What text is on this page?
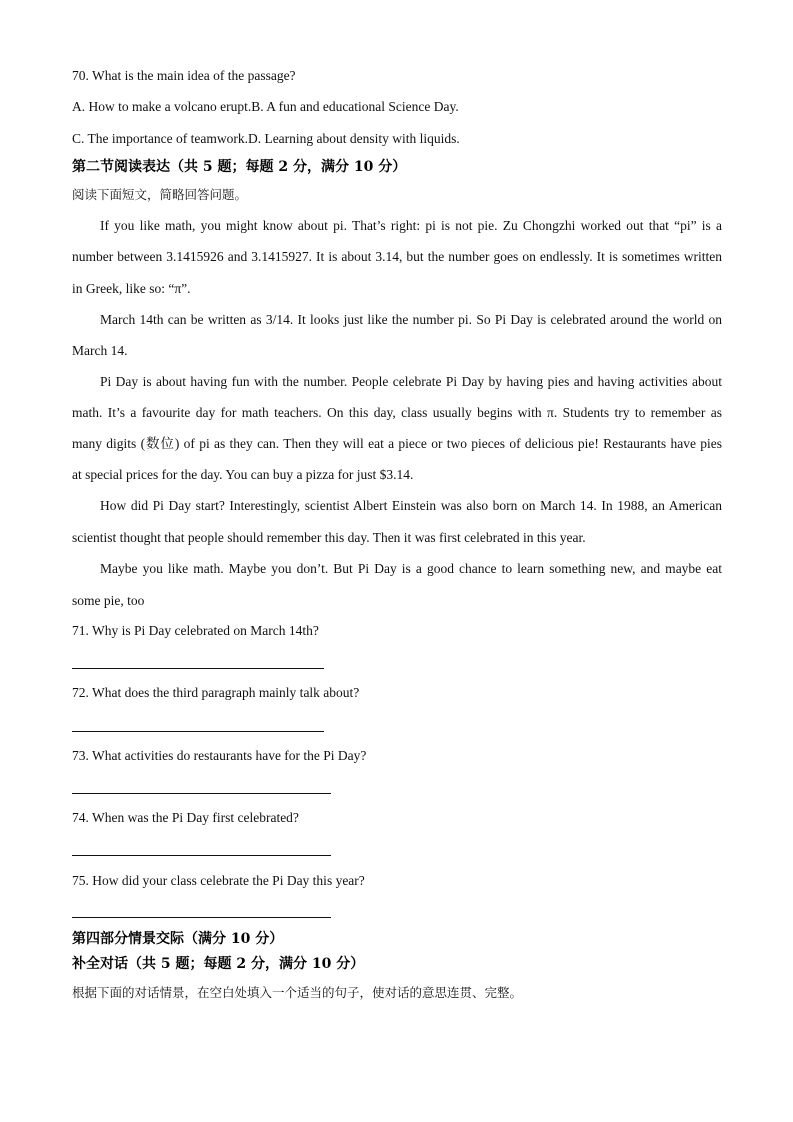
70. What is the main idea of the passage?
A. How to make a volcano erupt.B. A fun and educational Science Day.
C. The importance of teamwork.D. Learning about density with liquids.
第二节阅读表达（共 5 题；每题 2 分，满分 10 分）
阅读下面短文，简略回答问题。
If you like math, you might know about pi. That’s right: pi is not pie. Zu Chongzhi worked out that “pi” is a
number between 3.1415926 and 3.1415927. It is about 3.14, but the number goes on endlessly. It is sometimes written
in Greek, like so: “π”.
March 14th can be written as 3/14. It looks just like the number pi. So Pi Day is celebrated around the world on
March 14.
Pi Day is about having fun with the number. People celebrate Pi Day by having pies and having activities about
math. It’s a favourite day for math teachers. On this day, class usually begins with π. Students try to remember as
many digits (数位) of pi as they can. Then they will eat a piece or two pieces of delicious pie! Restaurants have pies
at special prices for the day. You can buy a pizza for just $3.14.
How did Pi Day start? Interestingly, scientist Albert Einstein was also born on March 14. In 1988, an American
scientist thought that people should remember this day. Then it was first celebrated in this year.
Maybe you like math. Maybe you don’t. But Pi Day is a good chance to learn something new, and maybe eat
some pie, too
71. Why is Pi Day celebrated on March 14th?
72. What does the third paragraph mainly talk about?
73. What activities do restaurants have for the Pi Day?
74. When was the Pi Day first celebrated?
75. How did your class celebrate the Pi Day this year?
第四部分情景交际（满分 10 分）
补全对话（共 5 题；每题 2 分，满分 10 分）
根据下面的对话情景，在空白处填入一个适当的句子，使对话的意思连贯、完整。
